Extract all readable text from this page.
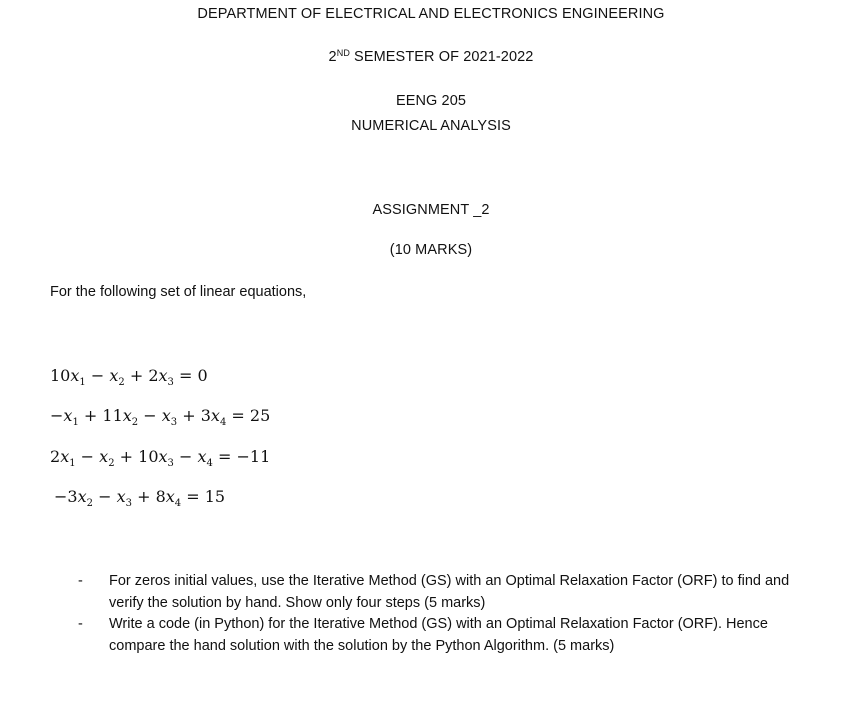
DEPARTMENT OF ELECTRICAL AND ELECTRONICS ENGINEERING
2ND SEMESTER OF 2021-2022
EENG 205
NUMERICAL ANALYSIS
ASSIGNMENT _2
(10 MARKS)
For the following set of linear equations,
$10x_1 - x_2 + 2x_3 = 0$
$-x_1 + 11x_2 - x_3 + 3x_4 = 25$
$2x_1 - x_2 + 10x_3 - x_4 = -11$
$-3x_2 - x_3 + 8x_4 = 15$
- For zeros initial values, use the Iterative Method (GS) with an Optimal Relaxation Factor (ORF) to find and verify the solution by hand. Show only four steps (5 marks)
- Write a code (in Python) for the Iterative Method (GS) with an Optimal Relaxation Factor (ORF). Hence compare the hand solution with the solution by the Python Algorithm. (5 marks)
